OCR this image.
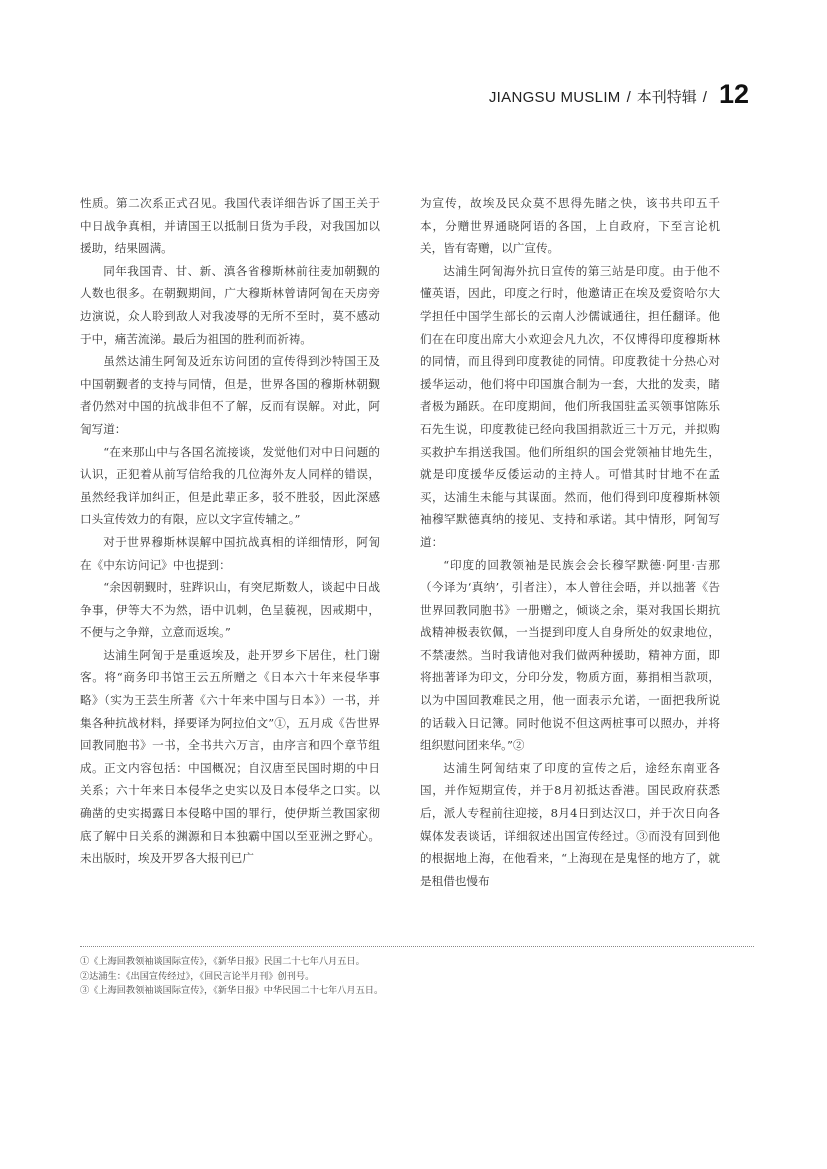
JIANGSU MUSLIM / 本刊特辑 / 12

性质。第二次系正式召见。我国代表详细告诉了国王关于中日战争真相，并请国王以抵制日货为手段，对我国加以援助，结果圆满。

同年我国青、甘、新、滇各省穆斯林前往麦加朝觐的人数也很多。在朝觐期间，广大穆斯林曾请阿訇在天房旁边演说，众人聆到敌人对我凌辱的无所不至时，莫不感动于中，痛苦流涕。最后为祖国的胜利而祈祷。

虽然达浦生阿訇及近东访问团的宣传得到沙特国王及中国朝觐者的支持与同情，但是，世界各国的穆斯林朝觐者仍然对中国的抗战非但不了解，反而有误解。对此，阿訇写道：

“在来那山中与各国名流接谈，发觉他们对中日问题的认识，正犯着从前写信给我的几位海外友人同样的错误，虽然经我详加纠正，但是此辈正多，驳不胜驳，因此深感口头宣传效力的有限，应以文字宣传辅之。”

对于世界穆斯林误解中国抗战真相的详细情形，阿訇在《中东访问记》中也提到：

“余因朝觐时，驻跸识山，有突尼斯数人，谈起中日战争事，伊等大不为然，语中讥刺，色呈藐视，因戒期中，不便与之争辩，立意而返埃。”

达浦生阿訇于是重返埃及，赴开罗乡下居住，杜门谢客。将“商务印书馆王云五所赠之《日本六十年来侵华事略》（实为王芸生所著《六十年来中国与日本》）一书，并集各种抗战材料，择要译为阿拉伯文”①，五月成《告世界回教同胞书》一书，全书共六万言，由序言和四个章节组成。正文内容包括：中国概况；自汉唐至民国时期的中日关系；六十年来日本侵华之史实以及日本侵华之口实。以确凿的史实揭露日本侵略中国的罪行，使伊斯兰教国家彻底了解中日关系的渊源和日本独霸中国以至亚洲之野心。未出版时，埃及开罗各大报刊已广

为宣传，故埃及民众莫不思得先睹之快，该书共印五千本，分赠世界通晓阿语的各国，上自政府，下至言论机关，皆有寄赠，以广宣传。

达浦生阿訇海外抗日宣传的第三站是印度。由于他不懂英语，因此，印度之行时，他邀请正在埃及爱资哈尔大学担任中国学生部长的云南人沙儒诚通往，担任翻译。他们在在印度出席大小欢迎会凡九次，不仅博得印度穆斯林的同情，而且得到印度教徒的同情。印度教徒十分热心对援华运动，他们将中印国旗合制为一套，大批的发卖，睹者极为踊跃。在印度期间，他们所我国驻孟买领事馆陈乐石先生说，印度教徒已经向我国捐款近三十万元，并拟购买救护车捐送我国。他们所组织的国会党领袖甘地先生，就是印度援华反倭运动的主持人。可惜其时甘地不在孟买，达浦生未能与其谋面。然而，他们得到印度穆斯林领袖穆罕默德真纳的接见、支持和承诺。其中情形，阿訇写道：

“印度的回教领袖是民族会会长穆罕默德·阿里·吉那（今译为‘真纳’，引者注），本人曾往会晤，并以拙著《告世界回教同胞书》一册赠之，倾谈之余，渠对我国长期抗战精神极表钦佩，一当提到印度人自身所处的奴隶地位，不禁凄然。当时我请他对我们做两种援助，精神方面，即将拙著译为印文，分印分发，物质方面，募捐相当款项，以为中国回教难民之用，他一面表示允诺，一面把我所说的话载入日记簿。同时他说不但这两桩事可以照办，并将组织慰问团来华。”②

达浦生阿訇结束了印度的宣传之后，途经东南亚各国，并作短期宣传，并于8月初抵达香港。国民政府获悉后，派人专程前往迎接，8月4日到达汉口，并于次日向各媒体发表谈话，详细叙述出国宣传经过。③而没有回到他的根据地上海，在他看来，“上海现在是鬼怪的地方了，就是租借也慢布

①《上海回教领袖谈国际宣传》，《新华日报》民国二十七年八月五日。
②达浦生：《出国宣传经过》，《回民言论半月刊》创刊号。
③《上海回教领袖谈国际宣传》，《新华日报》中华民国二十七年八月五日。
